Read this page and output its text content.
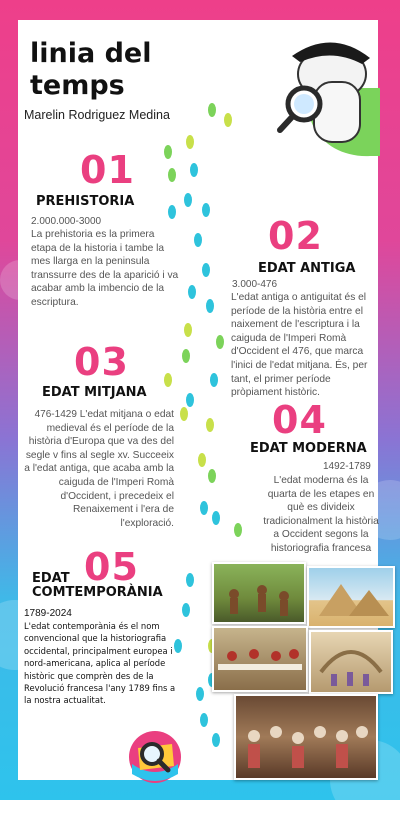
linia del temps
Marelin Rodriguez Medina
01
PREHISTORIA
2.000.000-3000
La prehistoria es la primera etapa de la historia i tambe la mes llarga en la peninsula transsurre des de la aparició i va acabar amb la imbencio de la escriptura.
02
EDAT ANTIGA
3.000-476
L'edat antiga o antiguitat és el període de la història entre el naixement de l'escriptura i la caiguda de l'Imperi Romà d'Occident el 476, que marca l'inici de l'edat mitjana. És, per tant, el primer període pròpiament històric.
03
EDAT MITJANA
476-1429 L'edat mitjana o edat medieval és el període de la història d'Europa que va des del segle v fins al segle xv. Succeeix a l'edat antiga, que acaba amb la caiguda de l'Imperi Romà d'Occident, i precedeix el Renaixement i l'era de l'exploració.
04
EDAT MODERNA
1492-1789
L'edat moderna és la quarta de les etapes en què es divideix tradicionalment la història a Occident segons la historiografia francesa
05
EDAT COMTEMPORÀNIA
1789-2024
L'edat contemporània és el nom convencional que la historiografia occidental, principalment europea i nord-americana, aplica al període històric que comprèn des de la Revolució francesa l'any 1789 fins a la nostra actualitat.
